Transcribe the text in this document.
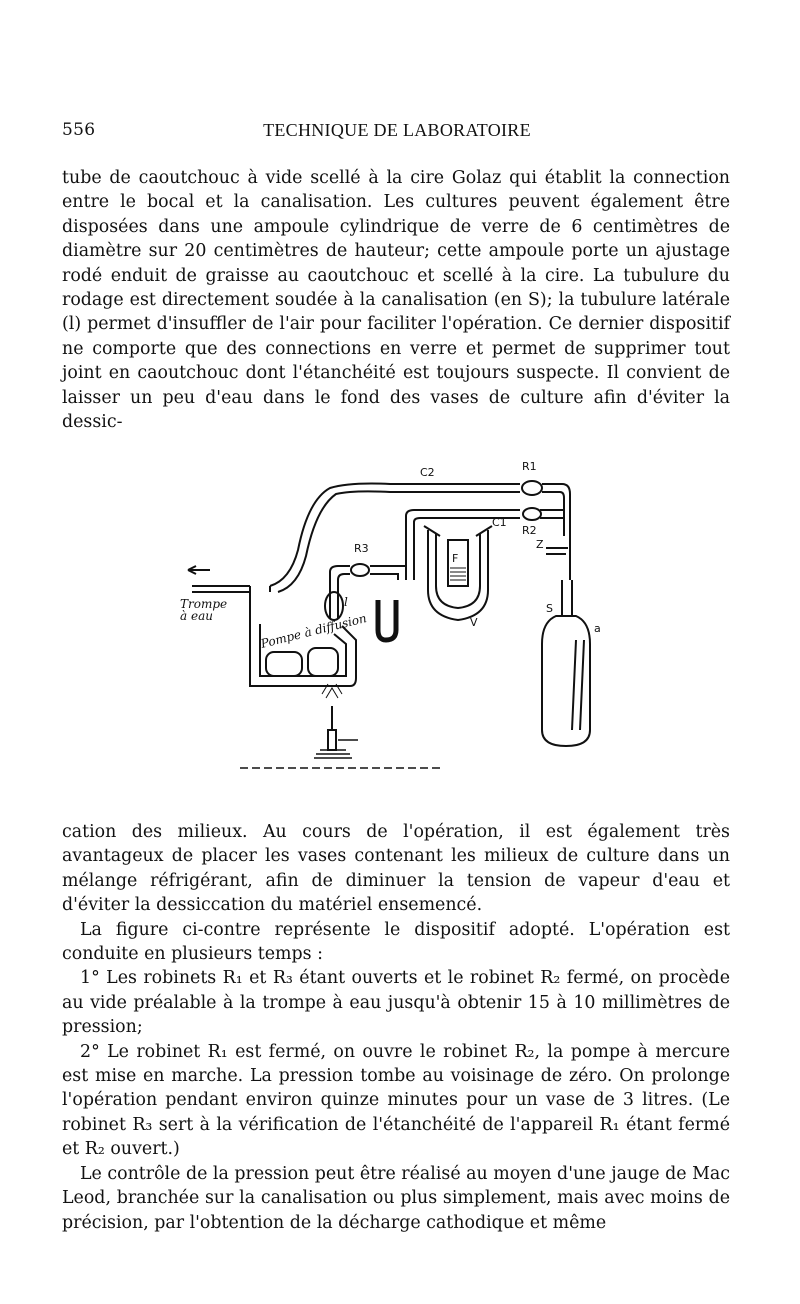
556	TECHNIQUE DE LABORATOIRE

tube de caoutchouc à vide scellé à la cire Golaz qui établit la connection entre le bocal et la canalisation. Les cultures peuvent également être disposées dans une ampoule cylindrique de verre de 6 centimètres de diamètre sur 20 centimètres de hauteur; cette ampoule porte un ajustage rodé enduit de graisse au caoutchouc et scellé à la cire. La tubulure du rodage est directement soudée à la canalisation (en S); la tubulure latérale (l) permet d'insuffler de l'air pour faciliter l'opération. Ce dernier dispositif ne comporte que des connections en verre et permet de supprimer tout joint en caoutchouc dont l'étanchéité est toujours suspecte. Il convient de laisser un peu d'eau dans le fond des vases de culture afin d'éviter la dessic-

C2	R1
C1
R2
R3	Z
F
S
a
V
l
Trompe
à eau	Pompe à diffusion

cation des milieux. Au cours de l'opération, il est également très avantageux de placer les vases contenant les milieux de culture dans un mélange réfrigérant, afin de diminuer la tension de vapeur d'eau et d'éviter la dessiccation du matériel ensemencé.

La figure ci-contre représente le dispositif adopté. L'opération est conduite en plusieurs temps :

1° Les robinets R₁ et R₃ étant ouverts et le robinet R₂ fermé, on procède au vide préalable à la trompe à eau jusqu'à obtenir 15 à 10 millimètres de pression;

2° Le robinet R₁ est fermé, on ouvre le robinet R₂, la pompe à mercure est mise en marche. La pression tombe au voisinage de zéro. On prolonge l'opération pendant environ quinze minutes pour un vase de 3 litres. (Le robinet R₃ sert à la vérification de l'étanchéité de l'appareil R₁ étant fermé et R₂ ouvert.)

Le contrôle de la pression peut être réalisé au moyen d'une jauge de Mac Leod, branchée sur la canalisation ou plus simplement, mais avec moins de précision, par l'obtention de la décharge cathodique et même
